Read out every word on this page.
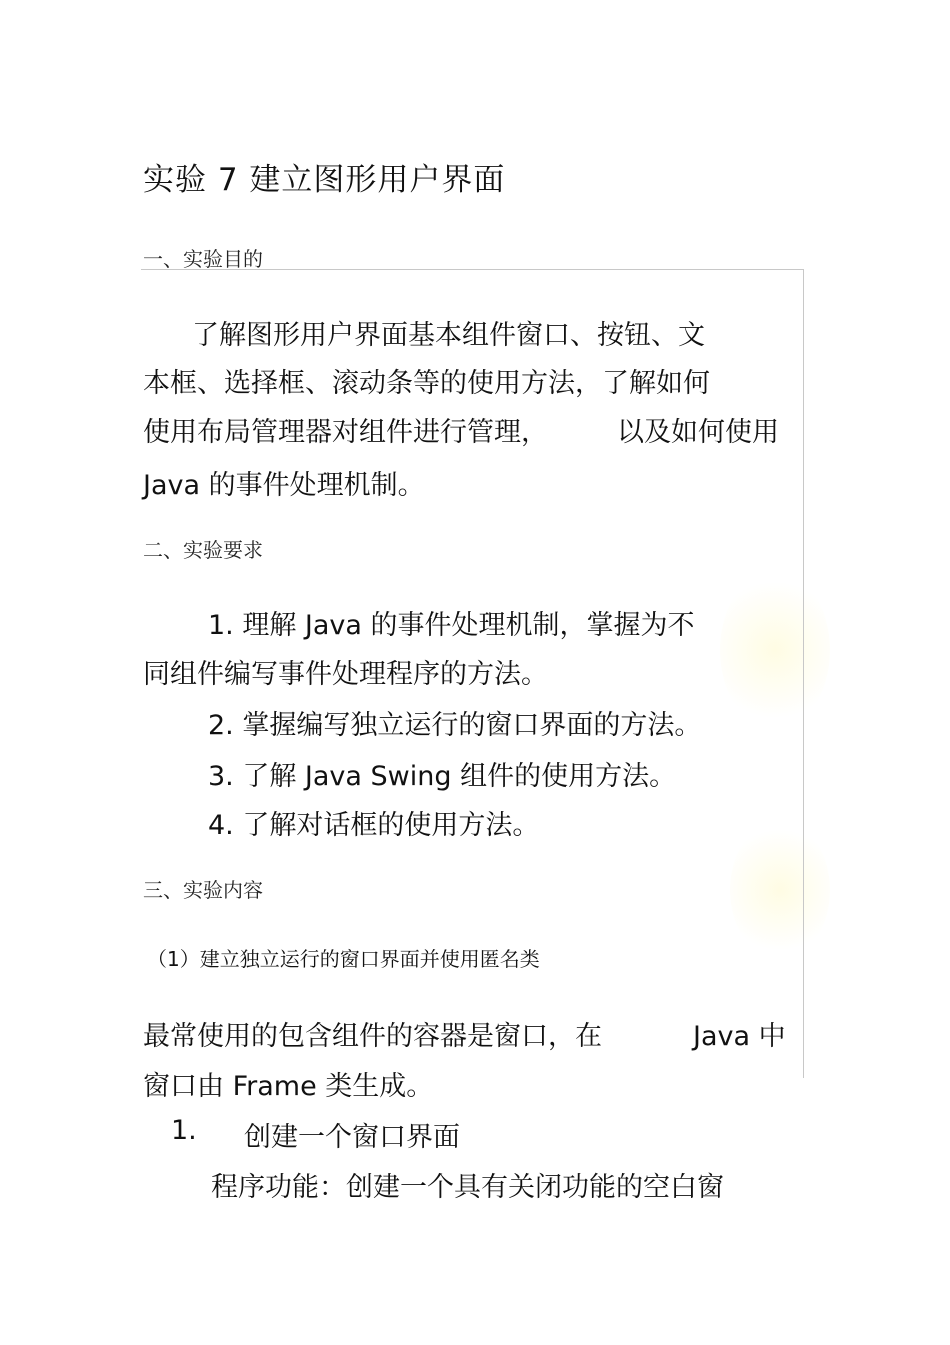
实验 7 建立图形用户界面
一、实验目的
了解图形用户界面基本组件窗口、按钮、文
本框、选择框、滚动条等的使用方法，了解如何
使用布局管理器对组件进行管理，	以及如何使用
Java 的事件处理机制。
二、实验要求
1. 理解 Java 的事件处理机制，掌握为不
同组件编写事件处理程序的方法。
2. 掌握编写独立运行的窗口界面的方法。
3. 了解 Java Swing 组件的使用方法。
4. 了解对话框的使用方法。
三、实验内容
（1）建立独立运行的窗口界面并使用匿名类
最常使用的包含组件的容器是窗口，在	Java 中
窗口由 Frame 类生成。
1. 创建一个窗口界面
程序功能：创建一个具有关闭功能的空白窗
